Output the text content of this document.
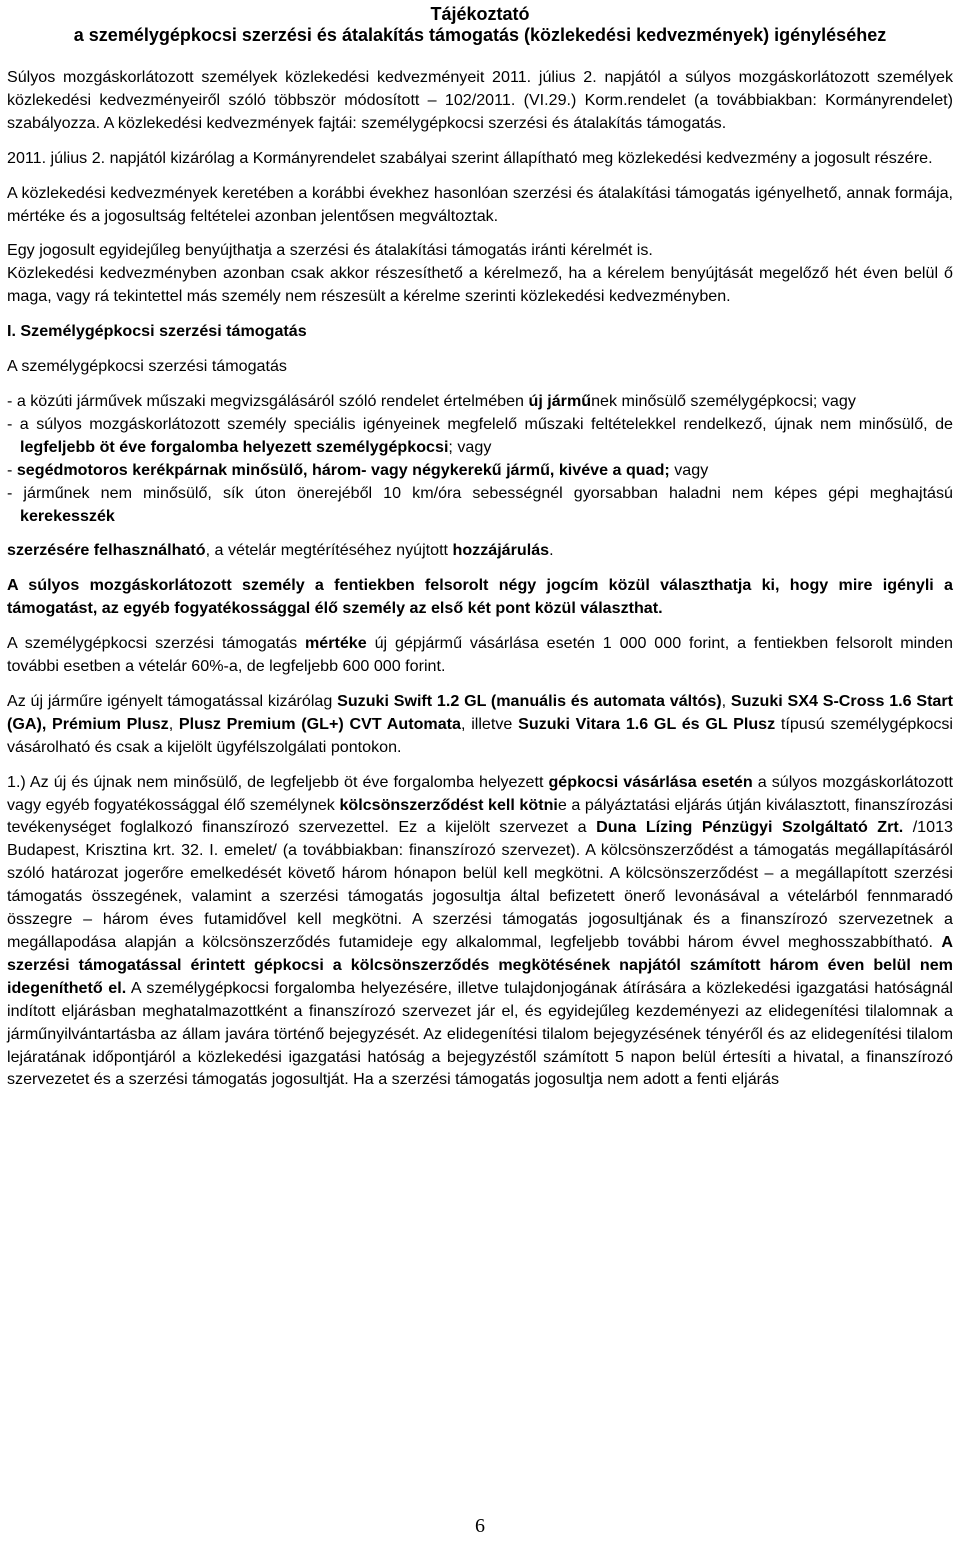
Tájékoztató
a személygépkocsi szerzési és átalakítás támogatás (közlekedési kedvezmények) igényléséhez

Súlyos mozgáskorlátozott személyek közlekedési kedvezményeit 2011. július 2. napjától a súlyos mozgáskorlátozott személyek közlekedési kedvezményeiről szóló többször módosított – 102/2011. (VI.29.) Korm.rendelet (a továbbiakban: Kormányrendelet) szabályozza. A közlekedési kedvezmények fajtái: személygépkocsi szerzési és átalakítás támogatás.

2011. július 2. napjától kizárólag a Kormányrendelet szabályai szerint állapítható meg közlekedési kedvezmény a jogosult részére.

A közlekedési kedvezmények keretében a korábbi évekhez hasonlóan szerzési és átalakítási támogatás igényelhető, annak formája, mértéke és a jogosultság feltételei azonban jelentősen megváltoztak.

Egy jogosult egyidejűleg benyújthatja a szerzési és átalakítási támogatás iránti kérelmét is.

Közlekedési kedvezményben azonban csak akkor részesíthető a kérelmező, ha a kérelem benyújtását megelőző hét éven belül ő maga, vagy rá tekintettel más személy nem részesült a kérelme szerinti közlekedési kedvezményben.

I. Személygépkocsi szerzési támogatás

A személygépkocsi szerzési támogatás

- a közúti járművek műszaki megvizsgálásáról szóló rendelet értelmében új járműnek minősülő személygépkocsi; vagy
- a súlyos mozgáskorlátozott személy speciális igényeinek megfelelő műszaki feltételekkel rendelkező, újnak nem minősülő, de legfeljebb öt éve forgalomba helyezett személygépkocsi; vagy
- segédmotoros kerékpárnak minősülő, három- vagy négykerekű jármű, kivéve a quad; vagy
- járműnek nem minősülő, sík úton önerejéből 10 km/óra sebességnél gyorsabban haladni nem képes gépi meghajtású kerekesszék

szerzésére felhasználható, a vételár megtérítéséhez nyújtott hozzájárulás.

A súlyos mozgáskorlátozott személy a fentiekben felsorolt négy jogcím közül választhatja ki, hogy mire igényli a támogatást, az egyéb fogyatékossággal élő személy az első két pont közül választhat.

A személygépkocsi szerzési támogatás mértéke új gépjármű vásárlása esetén 1 000 000 forint, a fentiekben felsorolt minden további esetben a vételár 60%-a, de legfeljebb 600 000 forint.

Az új járműre igényelt támogatással kizárólag Suzuki Swift 1.2 GL (manuális és automata váltós), Suzuki SX4 S-Cross 1.6 Start (GA), Prémium Plusz, Plusz Premium (GL+) CVT Automata, illetve Suzuki Vitara 1.6 GL és GL Plusz típusú személygépkocsi vásárolható és csak a kijelölt ügyfélszolgálati pontokon.

1.) Az új és újnak nem minősülő, de legfeljebb öt éve forgalomba helyezett gépkocsi vásárlása esetén a súlyos mozgáskorlátozott vagy egyéb fogyatékossággal élő személynek kölcsönszerződést kell kötnie a pályáztatási eljárás útján kiválasztott, finanszírozási tevékenységet foglalkozó finanszírozó szervezettel. Ez a kijelölt szervezet a Duna Lízing Pénzügyi Szolgáltató Zrt. /1013 Budapest, Krisztina krt. 32. I. emelet/ (a továbbiakban: finanszírozó szervezet). A kölcsönszerződést a támogatás megállapításáról szóló határozat jogerőre emelkedését követő három hónapon belül kell megkötni. A kölcsönszerződést – a megállapított szerzési támogatás összegének, valamint a szerzési támogatás jogosultja által befizetett önerő levonásával a vételárból fennmaradó összegre – három éves futamidővel kell megkötni. A szerzési támogatás jogosultjának és a finanszírozó szervezetnek a megállapodása alapján a kölcsönszerződés futamideje egy alkalommal, legfeljebb további három évvel meghosszabbítható. A szerzési támogatással érintett gépkocsi a kölcsönszerződés megkötésének napjától számított három éven belül nem idegeníthető el. A személygépkocsi forgalomba helyezésére, illetve tulajdonjogának átírására a közlekedési igazgatási hatóságnál indított eljárásban meghatalmazottként a finanszírozó szervezet jár el, és egyidejűleg kezdeményezi az elidegenítési tilalomnak a járműnyilvántartásba az állam javára történő bejegyzését. Az elidegenítési tilalom bejegyzésének tényéről és az elidegenítési tilalom lejáratának időpontjáról a közlekedési igazgatási hatóság a bejegyzéstől számított 5 napon belül értesíti a hivatal, a finanszírozó szervezetet és a szerzési támogatás jogosultját. Ha a szerzési támogatás jogosultja nem adott a fenti eljárás

6
